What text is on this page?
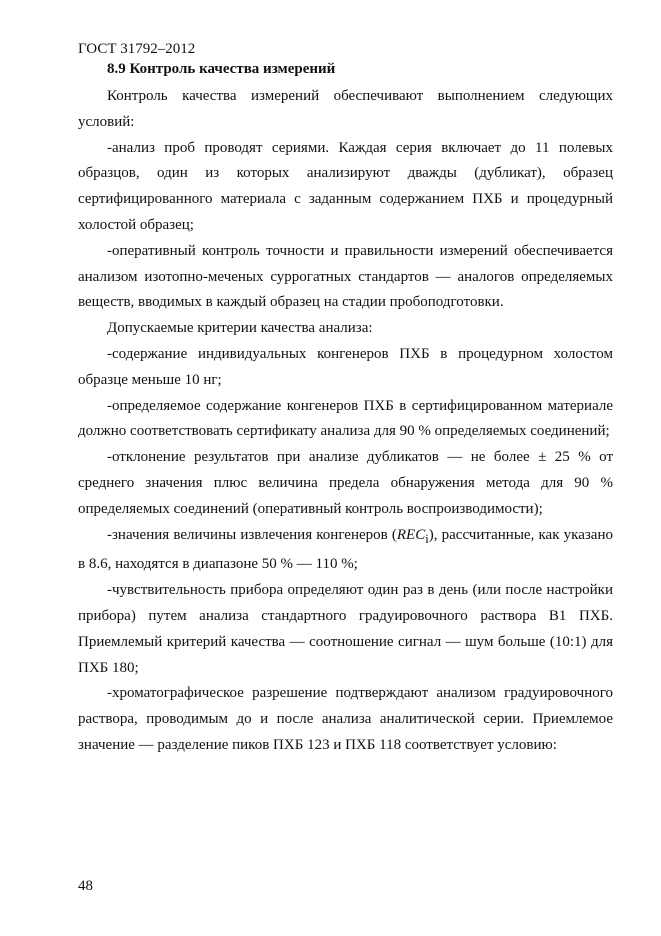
ГОСТ 31792–2012
8.9 Контроль качества измерений

Контроль качества измерений обеспечивают выполнением следующих условий:

-анализ проб проводят сериями. Каждая серия включает до 11 полевых образцов, один из которых анализируют дважды (дубликат), образец сертифицированного материала с заданным содержанием ПХБ и процедурный холостой образец;

-оперативный контроль точности и правильности измерений обеспечивается анализом изотопно-меченых суррогатных стандартов — аналогов определяемых веществ, вводимых в каждый образец на стадии пробоподготовки.

Допускаемые критерии качества анализа:

-содержание индивидуальных конгенеров ПХБ в процедурном холостом образце меньше 10 нг;

-определяемое содержание конгенеров ПХБ в сертифицированном материале должно соответствовать сертификату анализа для 90 % определяемых соединений;

-отклонение результатов при анализе дубликатов — не более ± 25 % от среднего значения плюс величина предела обнаружения метода для 90 % определяемых соединений (оперативный контроль воспроизводимости);

-значения величины извлечения конгенеров $(REC_i)$, рассчитанные, как указано в 8.6, находятся в диапазоне 50 % — 110 %;

-чувствительность прибора определяют один раз в день (или после настройки прибора) путем анализа стандартного градуировочного раствора В1 ПХБ. Приемлемый критерий качества — соотношение сигнал — шум больше (10:1) для ПХБ 180;

-хроматографическое разрешение подтверждают анализом градуировочного раствора, проводимым до и после анализа аналитической серии. Приемлемое значение — разделение пиков ПХБ 123 и ПХБ 118 соответствует условию:

48
